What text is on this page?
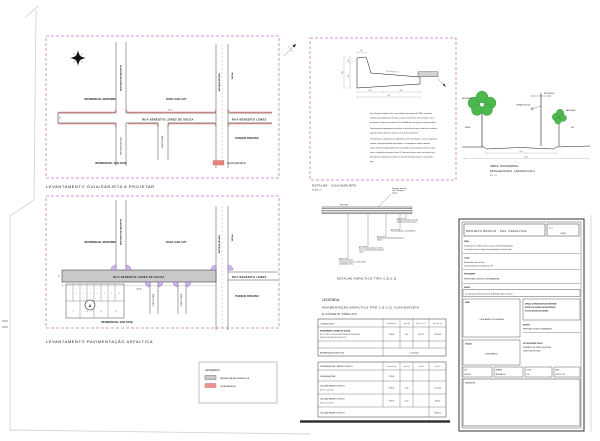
RUA BATISTA BALDININI
RUA BATISTA BALDININI	RUA PROJETADA
AVENIDA MIGUEL	VEIGA
RUA BENEDITO LEMES DE SOUZA	RUA BENEDITO LEMES
234,40
9,40
RESIDENCIAL MORUMBI	CONJ. HAB. CITI
PARQUE PARAISO
RESIDENCIAL SAN JOSE	GUIA/SARJETA
LEVANTAMENTO GUIA/SARJETA A PROJETAR
1	2	3	4	5	6	7	8
9	10	11	12
A
RUA BATISTA BALDININI	AVENIDA MIGUEL	VEIGA
RUA PROJETADA	RUA PROJETADA
RUA BENEDITO LEMES DE SOUZA	RUA BENEDITO LEMES
234,40
9,40
RESIDENCIAL MORUMBI	CONJ. HAB. CITI
PARQUE PARAISO
RESIDENCIAL SAN JOSE
LEVANTAMENTO PAVIMENTAÇÃO ASFALTICA
LEGENDA:
PAVIMENTAÇÃO ASFALTICA
GUIA/SARJETA
INCLINAÇÃO 3%
0,15
0,13
0,30
0,45
0,65	0,80
1,45
Guia e Sarjeta extrudadas 'in loco', com resistência do concreto de 25 MPa, sendo suas
medidas aproximadamente as do projeto, ou seja, 70 cm de base, 45 cm de altura e 13 cm
de espessura. Sarjetas com espessura 15 cm. Medida por metro de guia e sarjeta extrudada.
Fornecimento dos equipamentos necessários à execução dos serviços, bem como a movimen-
tação de materiais dentro do canteiro por conta da firma empreiteira.
O solo deverá ser compactado com equipamentos como rolo vibratório e , pá de carregamento
manuais, como placa vibratória compactadora, e os compridos ou soquetes manuais
de peso mínimo de 10 kg também devem ser admitidos, sendo seguida a inclusão em anda-
mento, a umidade do solo poderá conter 1,2% para mais ou para menos, em relação à umi-
dade ideal de compactação. A cura do concreto pode empregar irrigação ou aspersão de
água.
DETALHE - GUIA/SARJETA
ESCALA 1:20
Drenagem: águas plu-
viais c/ deságue p/
sarjetas
EIXO RUA.
Pintura e aplicação de concreto
betuminoso usinado a quente
Pintura de ligação c/ emulsão RR-2C
Imprimação da Base de pavimentação c/
CM-30
Base de brita graduada nº2, mínimo
15 cm, compactação 100% do proctor
normal
Reforço do Sub-leito,
compactação mecânica c/ 100% do PN,
profundidade mínima
DETALHE ASFALTICO TIPO C.B.U.Q
LEGENDA:
PAVIMENTAÇÃO ASFALTICA TIPO C.B.U.Q. GUIA/SARJETA
E PASSEIO PÚBLICO
LOGRADOUROS	Comprimento (m)	Largura (m)	Área Conc. (m²)	Área Total (m²)
RUA BENEDITO LEMES DE SOUZA
(INÍCIO: TRECHO ENTRE A RUA BATISTA BALDININI E A AVENIDA
MIGUEL VEIGA - RESIDENCIAL SAN JOSÉ)
234,40	9,40	216,75	2.204,06
PAVIMENTAÇÃO ASFALTICA	2.204,06m²
GUIAS/SARJETAS - PASSEIO PUBLICO	Comprimento (m)	Largura (m)	Unidade	Área (m²)
GUIAS/SARJETAS	278,04	-	-	-
CALÇADA PASSEIO PUBLICO
(Matrículas lado 02/06)
586,23	2,00	-	1.172,46
CALÇADA PASSEIO PUBLICO
(Matrículas lado 02/06)
139,50	1,50	-	209,25
CALÇADA PASSEIO PUBLICO	1.381,71
ARBORIZAÇÃO
REDE ELÉTRICA
ILUMINAÇÃO PÚBLICA
ARBORIZAÇÃO
PASSEIO	RUA
9,60
14,40
PERFIL TRANSVERSAL.
DETALHE DA RUA , LARGURA 9,60 m
ESC. 1:75
PROJETO BÁSICO - PAV. ASFALTICA	FLS Nº
01/06
OBRA:
Qualificação de vias Públicas Urbanas através de Pavimentação Asfáltica
e Construção de Guias e Sarjetas Tipo Extrudada de Concreto Usinado
LOCAL:
Rua Benedito Lemes de Souza
Conjunto Habitacional Citi - Adamantina SP
PROPONENTE:
PREFEITURA DO MUNICÍPIO DE ADAMANTINA
ASSUNTO:
Localização do Recapeamento Asfáltico tipo C.B.U.Q.
ÁREAS:
VIDE ANEXO LEGENDA
ATENÇÃO: AS MEDIDAS DA PLANTA TEM ÊNFASE
NA EXECUÇÃO, DEVENDO SER RECONFERIDAS
NO LOCAL DE EXECUÇÃO DA OBRA.
MUNICÍPIO:
PREFEITURA DO MUNICÍPIO DE ADAMANTINA
SITUAÇÃO
VIDE ANEXO
ART / RESPONSÁVEL TÉCNICO:
ENGENHEIRO CIVIL - MATRÍCULA MUNICIPAL
CREA/SP - ART RECOLHIDA
ESC:
INDICADO
DESENHO:
PAV. ASFALTICA
FOLHA:
01/06
DATA:
AGOSTO / 2021
OBSERVAÇÕES:
